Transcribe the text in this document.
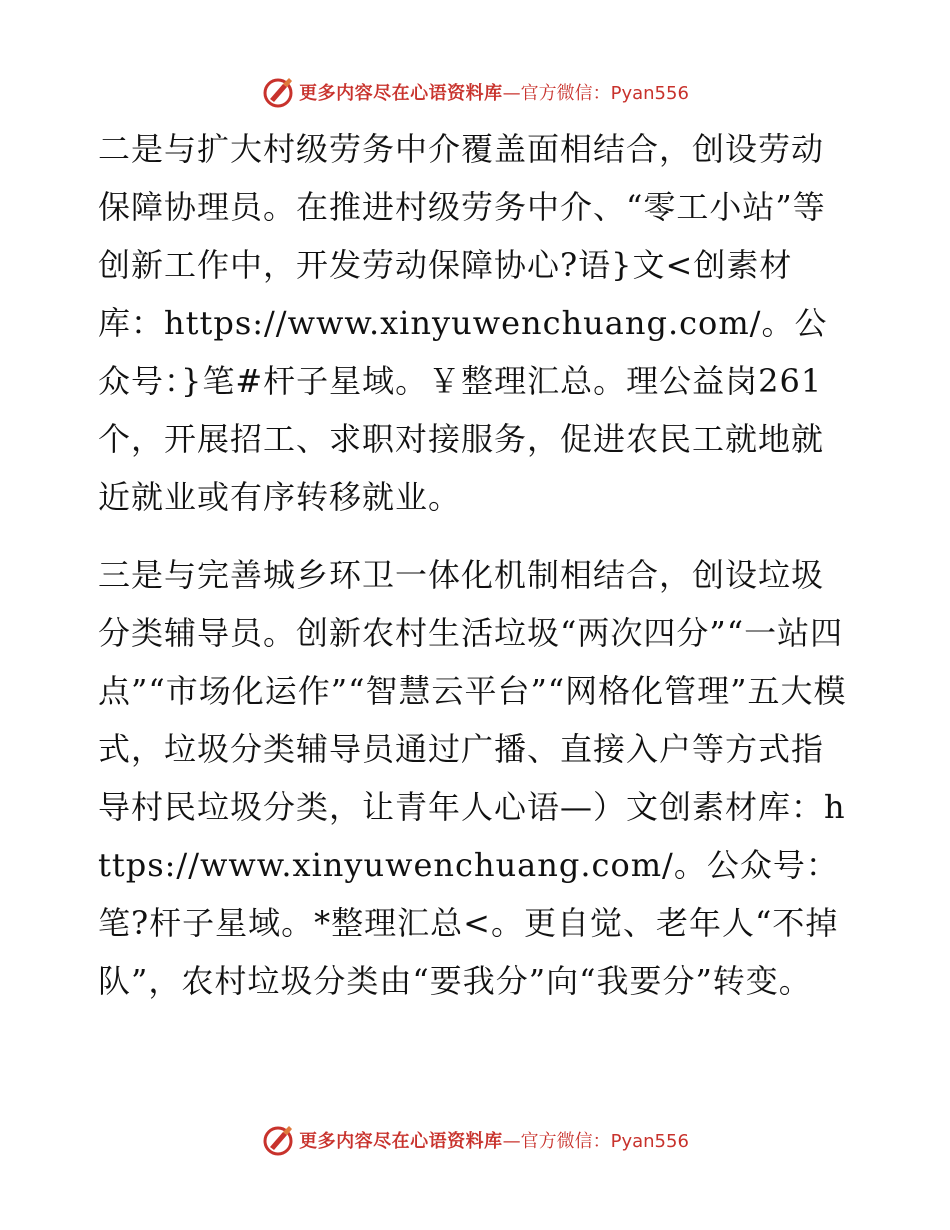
更多内容尽在心语资料库 —官方微信：Pyan556

二是与扩大村级劳务中介覆盖面相结合，创设劳动保障协理员。在推进村级劳务中介、“零工小站”等创新工作中，开发劳动保障协心?语}文<创素材库：https://www.xinyuwenchuang.com/。公众号：}笔#杆子星域。￥整理汇总。理公益岗261个，开展招工、求职对接服务，促进农民工就地就近就业或有序转移就业。

三是与完善城乡环卫一体化机制相结合，创设垃圾分类辅导员。创新农村生活垃圾“两次四分”“一站四点”“市场化运作”“智慧云平台”“网格化管理”五大模式，垃圾分类辅导员通过广播、直接入户等方式指导村民垃圾分类，让青年人心语—）文创素材库：https://www.xinyuwenchuang.com/。公众号：笔?杆子星域。*整理汇总<。更自觉、老年人“不掉队”，农村垃圾分类由“要我分”向“我要分”转变。

更多内容尽在心语资料库 —官方微信：Pyan556
